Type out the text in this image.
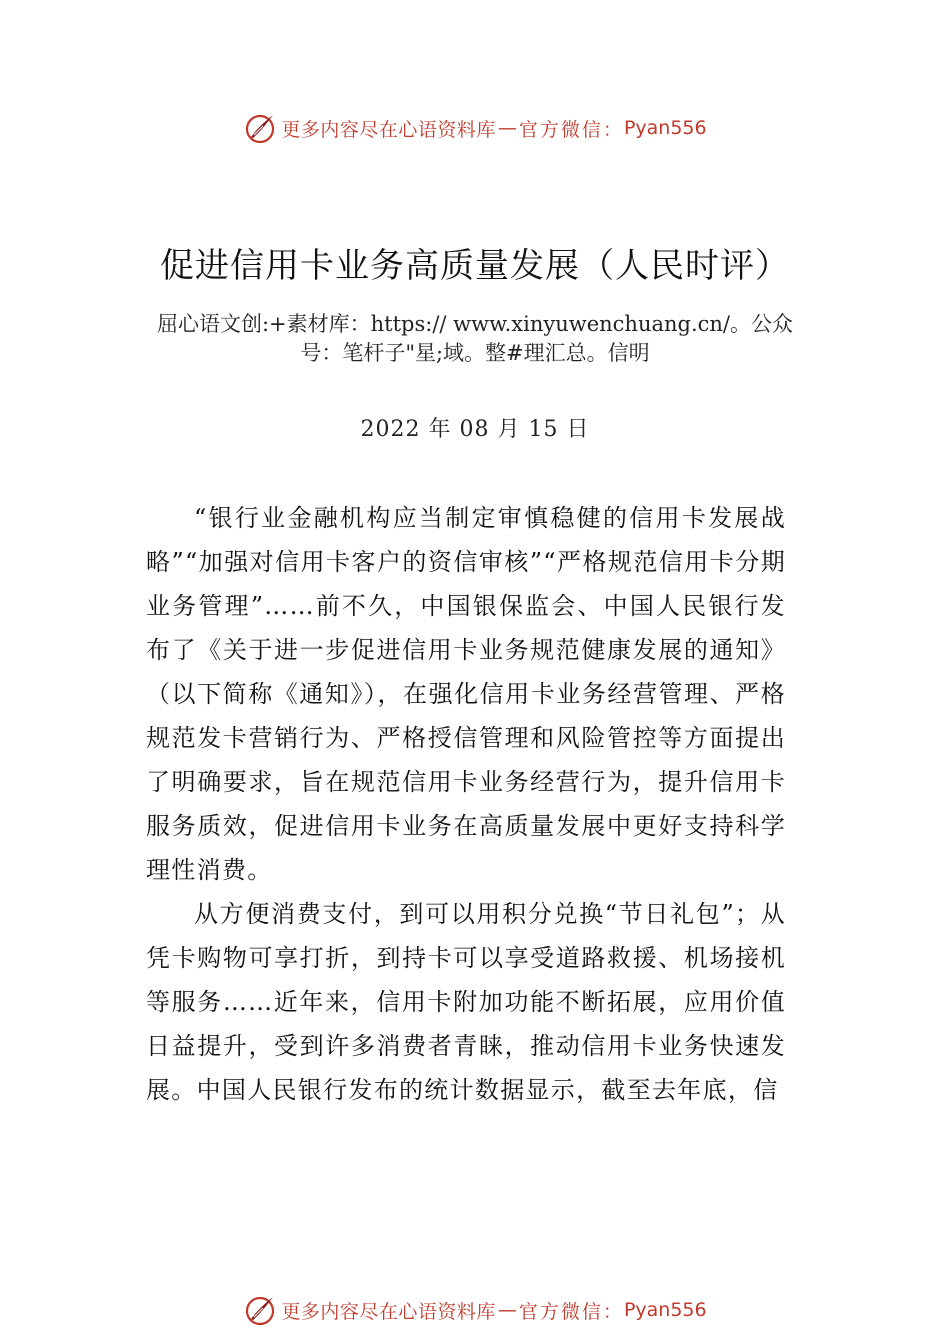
更多内容尽在心语资料库 — 官方微信： Pyan556
促进信用卡业务高质量发展（人民时评）
屈心语文创:+素材库：https:// www.xinyuwenchuang.cn/。公众号：笔杆子"星;域。整#理汇总。信明
2022 年 08 月 15 日

“银行业金融机构应当制定审慎稳健的信用卡发展战略”“加强对信用卡客户的资信审核”“严格规范信用卡分期业务管理”……前不久，中国银保监会、中国人民银行发布了《关于进一步促进信用卡业务规范健康发展的通知》（以下简称《通知》），在强化信用卡业务经营管理、严格规范发卡营销行为、严格授信管理和风险管控等方面提出了明确要求，旨在规范信用卡业务经营行为，提升信用卡服务质效，促进信用卡业务在高质量发展中更好支持科学理性消费。

从方便消费支付，到可以用积分兑换“节日礼包”；从凭卡购物可享打折，到持卡可以享受道路救援、机场接机等服务……近年来，信用卡附加功能不断拓展，应用价值日益提升，受到许多消费者青睐，推动信用卡业务快速发展。中国人民银行发布的统计数据显示，截至去年底，信

更多内容尽在心语资料库 — 官方微信： Pyan556
